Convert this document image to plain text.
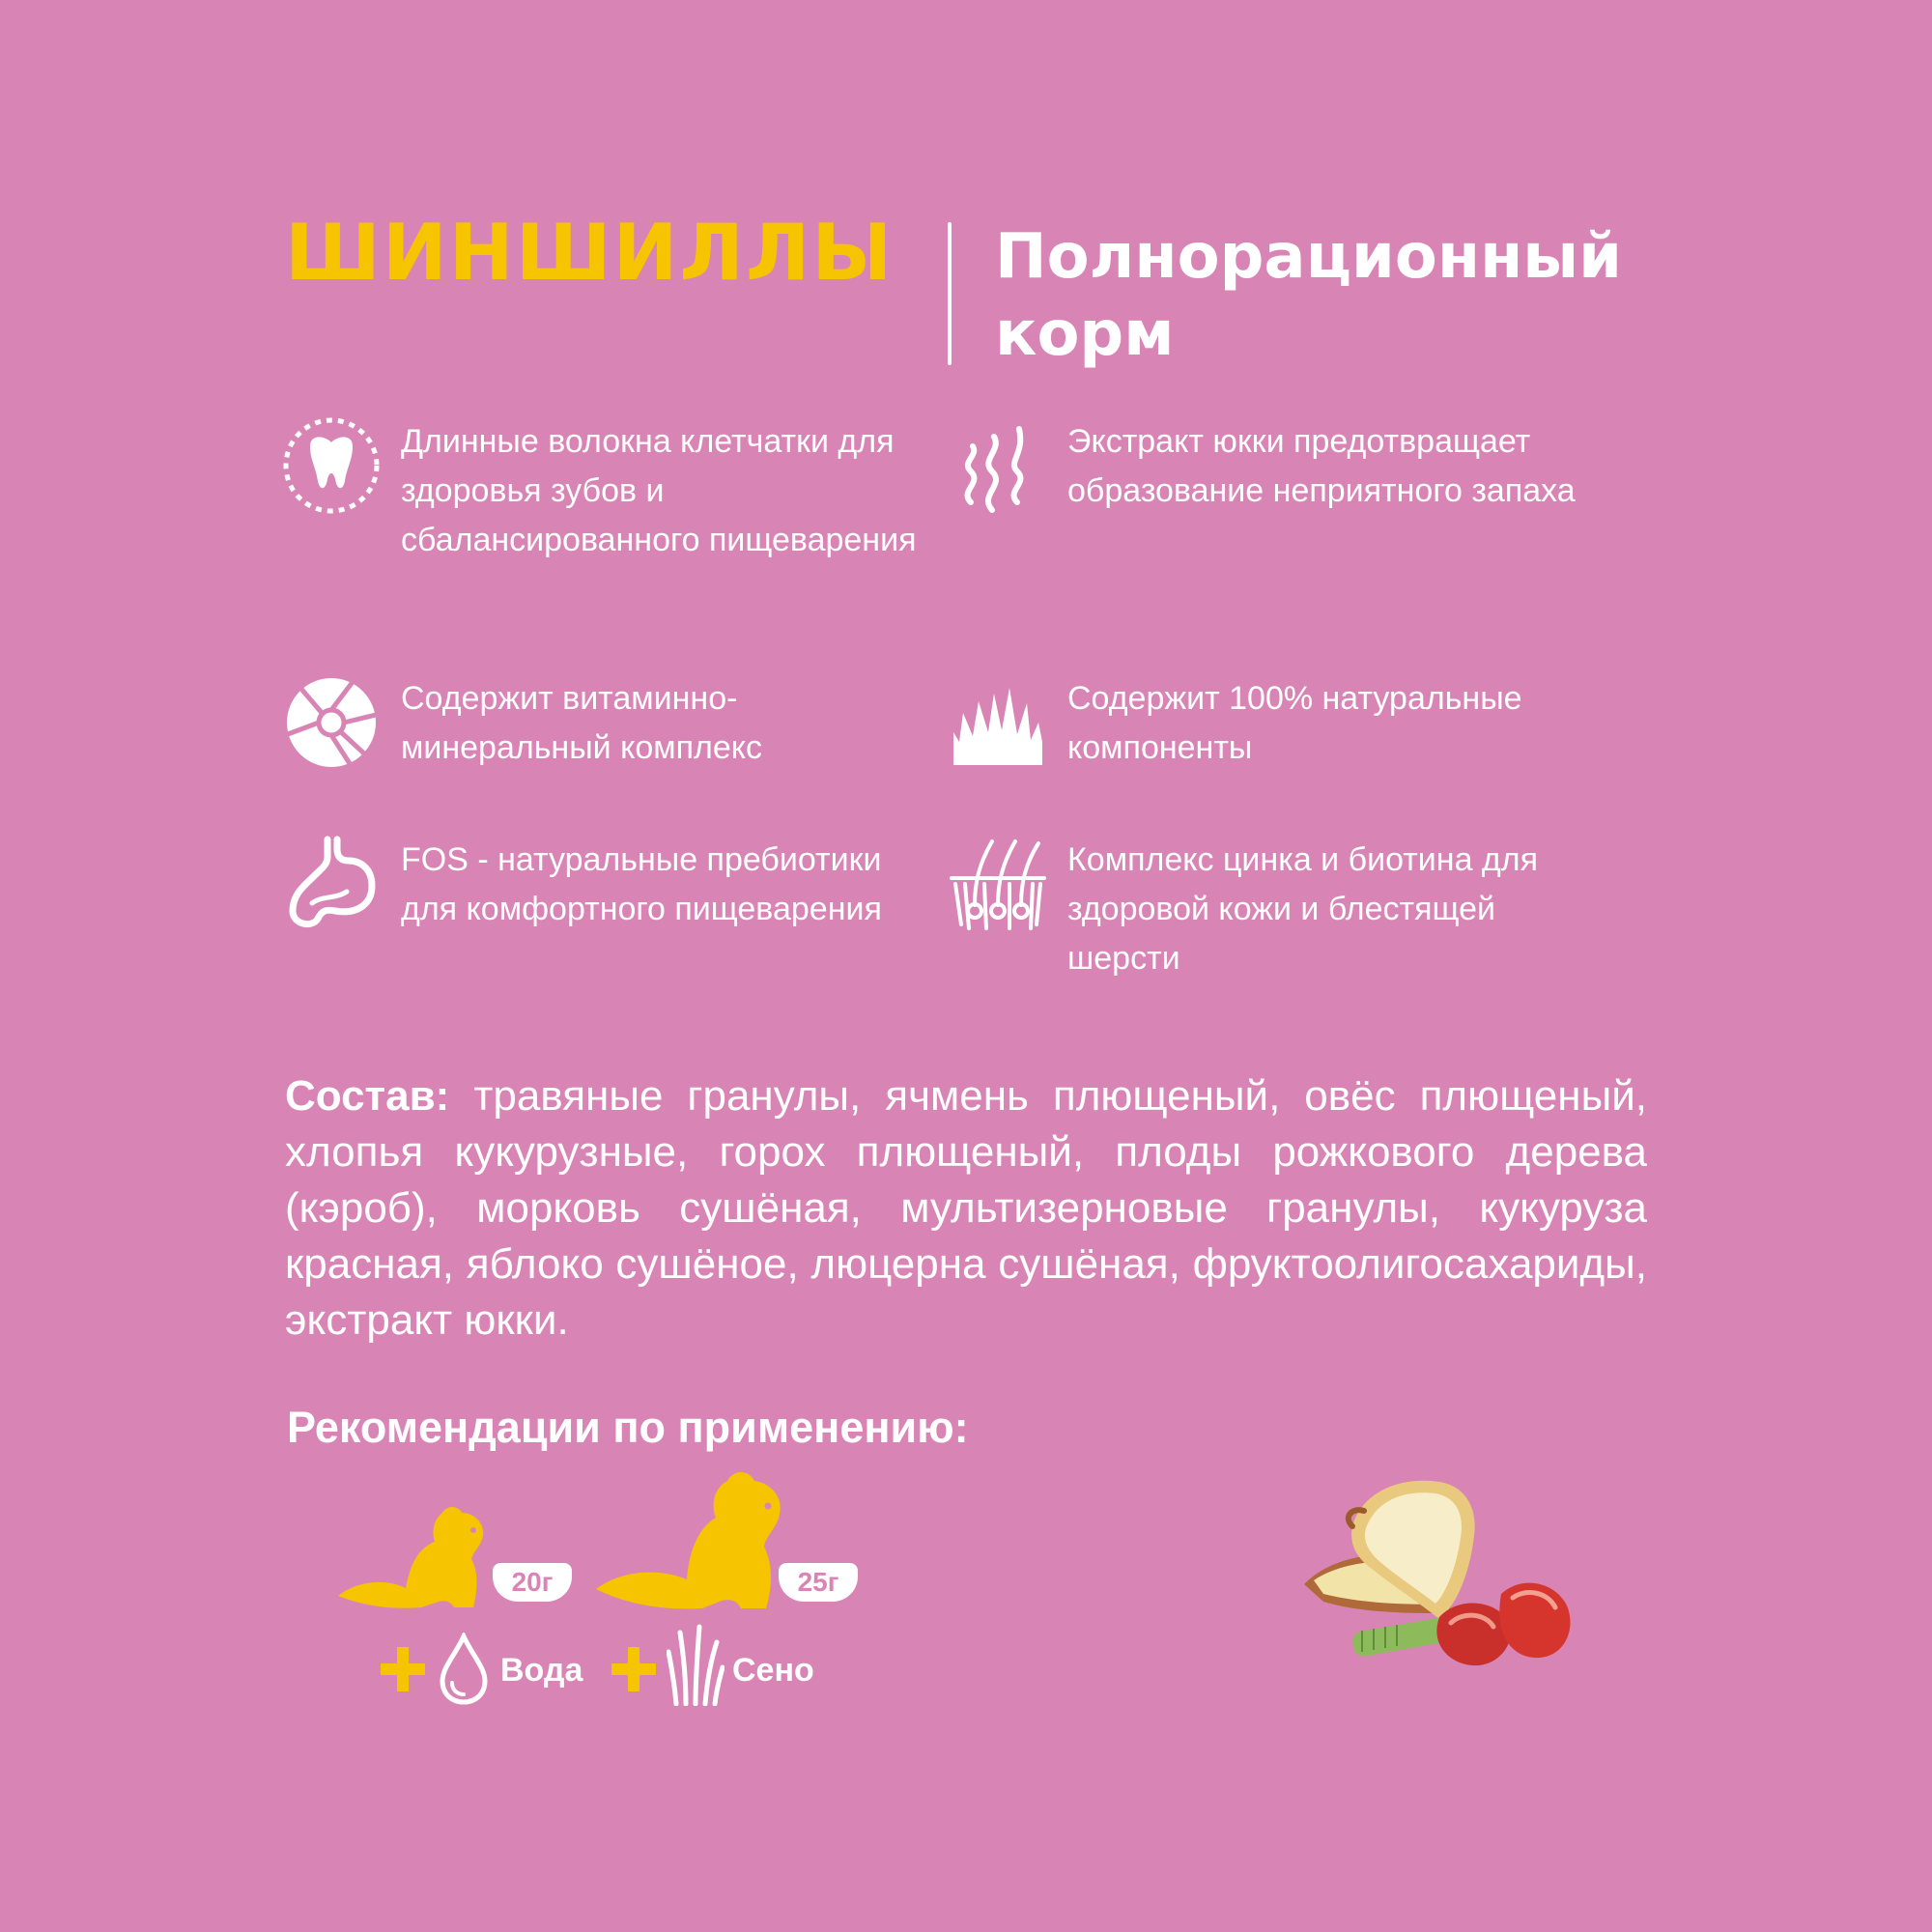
ШИНШИЛЛЫ Полнорационный корм
Длинные волокна клетчатки для здоровья зубов и сбалансированного пищеварения
Экстракт юкки предотвращает образование неприятного запаха
Содержит витаминно-минеральный комплекс
Содержит 100% натуральные компоненты
FOS - натуральные пребиотики для комфортного пищеварения
Комплекс цинка и биотина для здоровой кожи и блестящей шерсти
Состав: травяные гранулы, ячмень плющеный, овёс плющеный, хлопья кукурузные, горох плющеный, плоды рожкового дерева (кэроб), морковь сушёная, мультизерновые гранулы, кукуруза красная, яблоко сушёное, люцерна сушёная, фруктоолигосахариды, экстракт юкки.
Рекомендации по применению:
20г	25г
Вода	Сено
